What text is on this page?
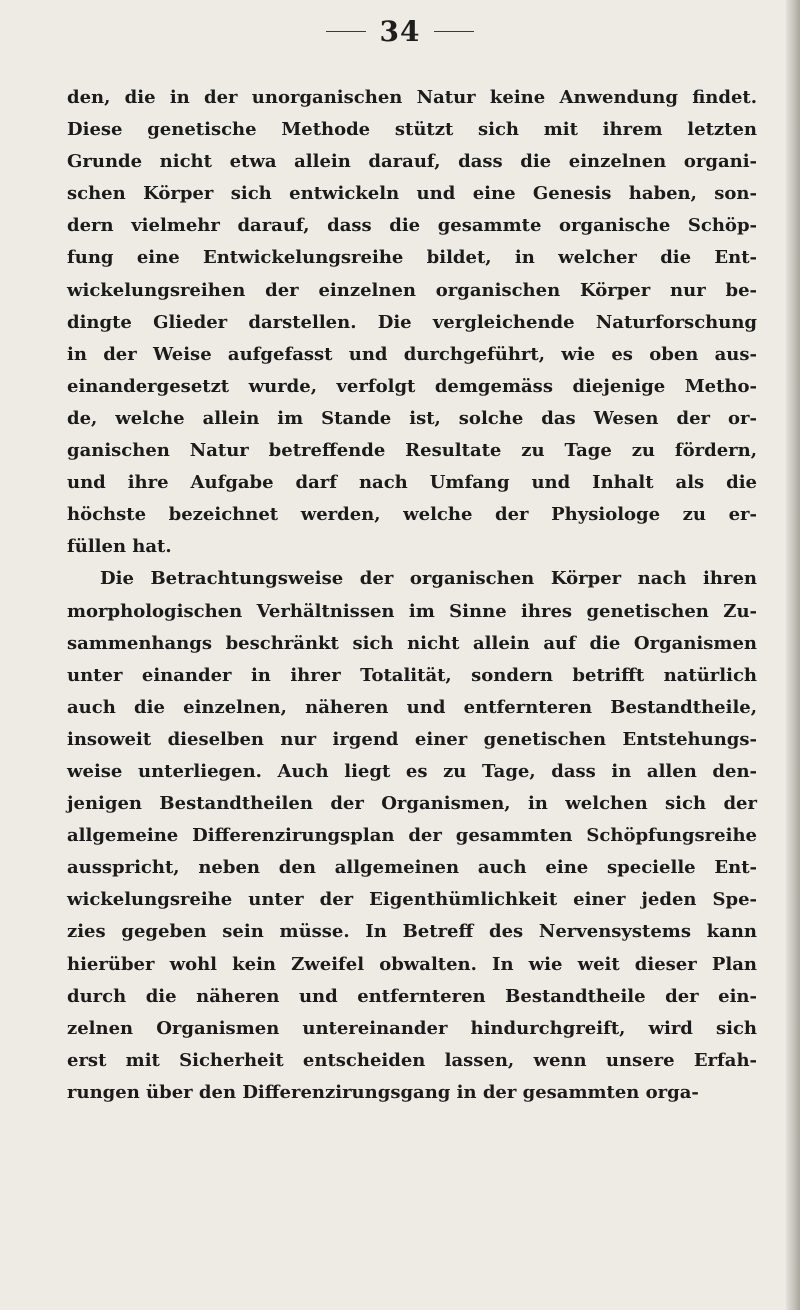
34
den, die in der unorganischen Natur keine Anwendung findet.
Diese genetische Methode stützt sich mit ihrem letzten
Grunde nicht etwa allein darauf, dass die einzelnen organi-
schen Körper sich entwickeln und eine Genesis haben, son-
dern vielmehr darauf, dass die gesammte organische Schöp-
fung eine Entwickelungsreihe bildet, in welcher die Ent-
wickelungsreihen der einzelnen organischen Körper nur be-
dingte Glieder darstellen. Die vergleichende Naturforschung
in der Weise aufgefasst und durchgeführt, wie es oben aus-
einandergesetzt wurde, verfolgt demgemäss diejenige Metho-
de, welche allein im Stande ist, solche das Wesen der or-
ganischen Natur betreffende Resultate zu Tage zu fördern,
und ihre Aufgabe darf nach Umfang und Inhalt als die
höchste bezeichnet werden, welche der Physiologe zu er-
füllen hat.
Die Betrachtungsweise der organischen Körper nach ihren
morphologischen Verhältnissen im Sinne ihres genetischen Zu-
sammenhangs beschränkt sich nicht allein auf die Organismen
unter einander in ihrer Totalität, sondern betrifft natürlich
auch die einzelnen, näheren und entfernteren Bestandtheile,
insoweit dieselben nur irgend einer genetischen Entstehungs-
weise unterliegen. Auch liegt es zu Tage, dass in allen den-
jenigen Bestandtheilen der Organismen, in welchen sich der
allgemeine Differenzirungsplan der gesammten Schöpfungsreihe
ausspricht, neben den allgemeinen auch eine specielle Ent-
wickelungsreihe unter der Eigenthümlichkeit einer jeden Spe-
zies gegeben sein müsse. In Betreff des Nervensystems kann
hierüber wohl kein Zweifel obwalten. In wie weit dieser Plan
durch die näheren und entfernteren Bestandtheile der ein-
zelnen Organismen untereinander hindurchgreift, wird sich
erst mit Sicherheit entscheiden lassen, wenn unsere Erfah-
rungen über den Differenzirungsgang in der gesammten orga-
